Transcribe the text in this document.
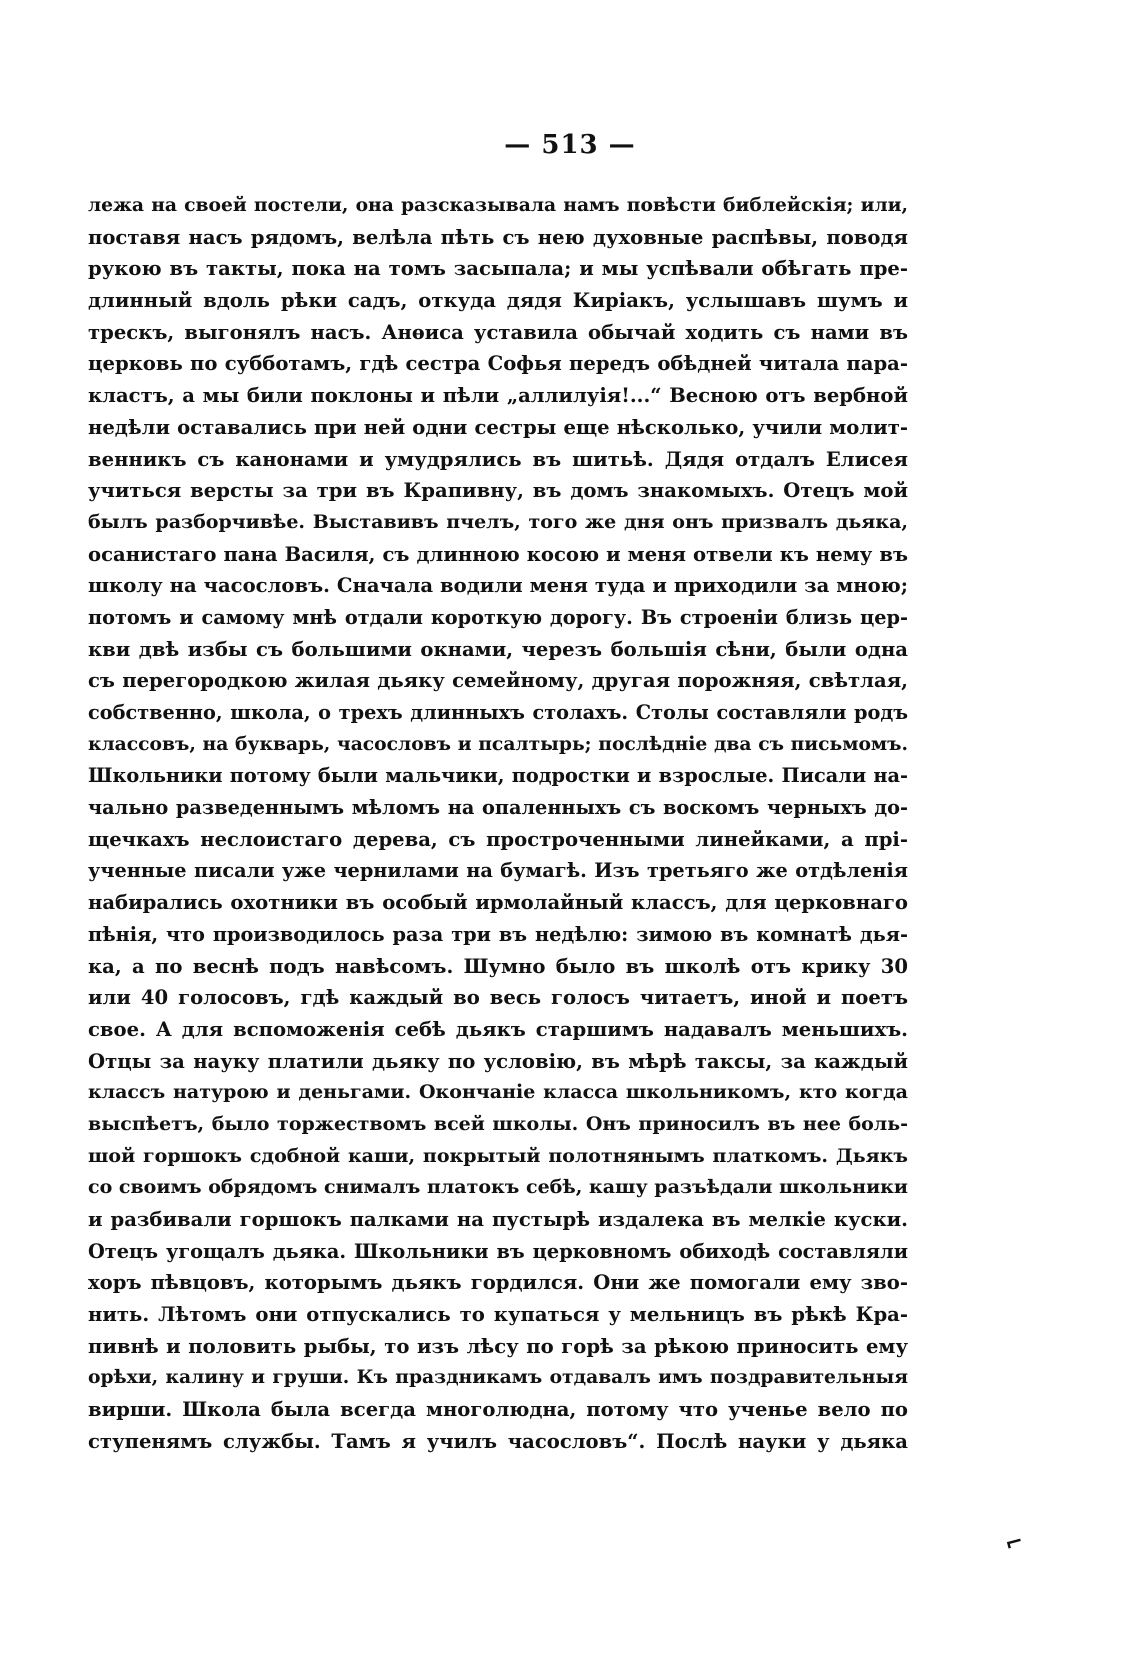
— 513 —
лежа на своей постели, она разсказывала намъ повѣсти библейскія; или,
поставя насъ рядомъ, велѣла пѣть съ нею духовные распѣвы, поводя
рукою въ такты, пока на томъ засыпала; и мы успѣвали обѣгать пре-
длинный вдоль рѣки садъ, откуда дядя Киріакъ, услышавъ шумъ и
трескъ, выгонялъ насъ. Анѳиса уставила обычай ходить съ нами въ
церковь по субботамъ, гдѣ сестра Софья передъ обѣдней читала пара-
кластъ, а мы били поклоны и пѣли „аллилуія!...“ Весною отъ вербной
недѣли оставались при ней одни сестры еще нѣсколько, учили молит-
венникъ съ канонами и умудрялись въ шитьѣ. Дядя отдалъ Елисея
учиться версты за три въ Крапивну, въ домъ знакомыхъ. Отецъ мой
былъ разборчивѣе. Выставивъ пчелъ, того же дня онъ призвалъ дьяка,
осанистаго пана Василя, съ длинною косою и меня отвели къ нему въ
школу на часословъ. Сначала водили меня туда и приходили за мною;
потомъ и самому мнѣ отдали короткую дорогу. Въ строеніи близь цер-
кви двѣ избы съ большими окнами, черезъ большія сѣни, были одна
съ перегородкою жилая дьяку семейному, другая порожняя, свѣтлая,
собственно, школа, о трехъ длинныхъ столахъ. Столы составляли родъ
классовъ, на букварь, часословъ и псалтырь; послѣдніе два съ письмомъ.
Школьники потому были мальчики, подростки и взрослые. Писали на-
чально разведеннымъ мѣломъ на опаленныхъ съ воскомъ черныхъ до-
щечкахъ неслоистаго дерева, съ простроченными линейками, а прі-
ученные писали уже чернилами на бумагѣ. Изъ третьяго же отдѣленія
набирались охотники въ особый ирмолайный классъ, для церковнаго
пѣнія, что производилось раза три въ недѣлю: зимою въ комнатѣ дья-
ка, а по веснѣ подъ навѣсомъ. Шумно было въ школѣ отъ крику 30
или 40 голосовъ, гдѣ каждый во весь голосъ читаетъ, иной и поетъ
свое. А для вспоможенія себѣ дьякъ старшимъ надавалъ меньшихъ.
Отцы за науку платили дьяку по условію, въ мѣрѣ таксы, за каждый
классъ натурою и деньгами. Окончаніе класса школьникомъ, кто когда
выспѣетъ, было торжествомъ всей школы. Онъ приносилъ въ нее боль-
шой горшокъ сдобной каши, покрытый полотнянымъ платкомъ. Дьякъ
со своимъ обрядомъ снималъ платокъ себѣ, кашу разъѣдали школьники
и разбивали горшокъ палками на пустырѣ издалека въ мелкіе куски.
Отецъ угощалъ дьяка. Школьники въ церковномъ обиходѣ составляли
хоръ пѣвцовъ, которымъ дьякъ гордился. Они же помогали ему зво-
нить. Лѣтомъ они отпускались то купаться у мельницъ въ рѣкѣ Кра-
пивнѣ и половить рыбы, то изъ лѣсу по горѣ за рѣкою приносить ему
орѣхи, калину и груши. Къ праздникамъ отдавалъ имъ поздравительныя
вирши. Школа была всегда многолюдна, потому что ученье вело по
ступенямъ службы. Тамъ я училъ часословъ“. Послѣ науки у дьяка
⌐
